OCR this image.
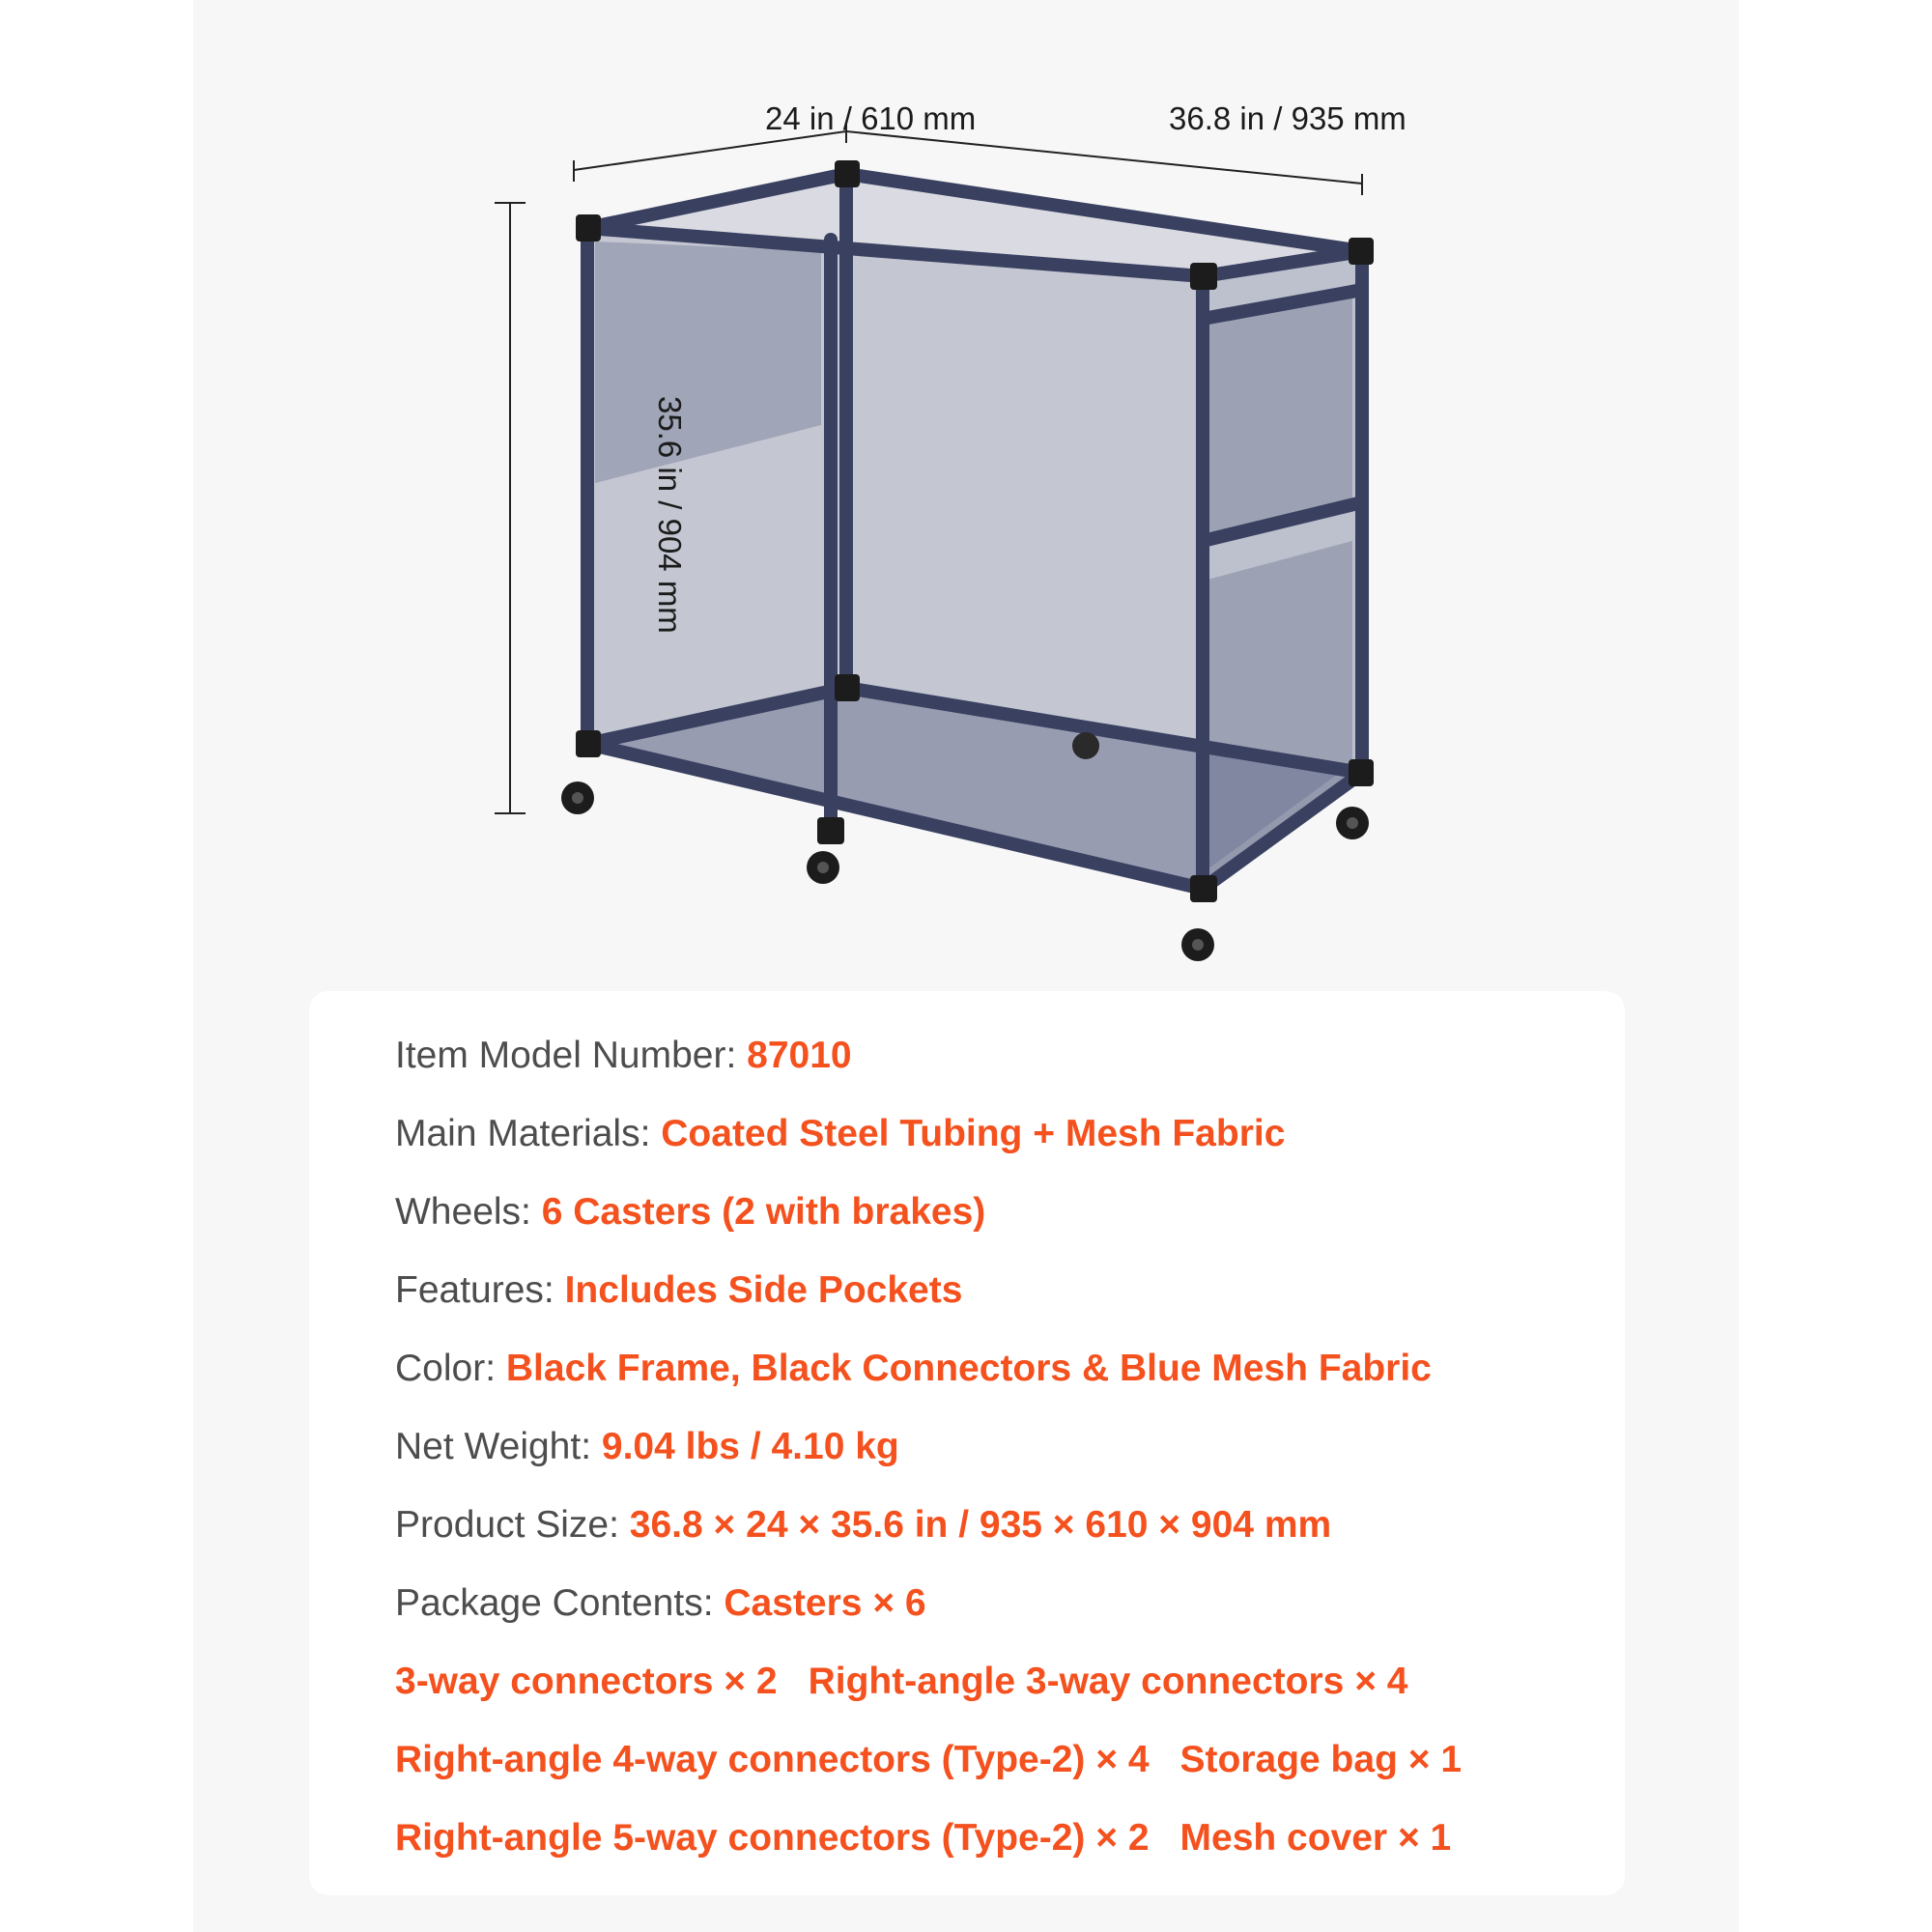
24 in / 610 mm	36.8 in / 935 mm
35.6 in / 904 mm
Item Model Number: 87010
Main Materials: Coated Steel Tubing + Mesh Fabric
Wheels: 6 Casters (2 with brakes)
Features: Includes Side Pockets
Color: Black Frame, Black Connectors & Blue Mesh Fabric
Net Weight: 9.04 lbs / 4.10 kg
Product Size: 36.8 × 24 × 35.6 in / 935 × 610 × 904 mm
Package Contents: Casters × 6
3-way connectors × 2 Right-angle 3-way connectors × 4
Right-angle 4-way connectors (Type-2) × 4 Storage bag × 1
Right-angle 5-way connectors (Type-2) × 2 Mesh cover × 1
